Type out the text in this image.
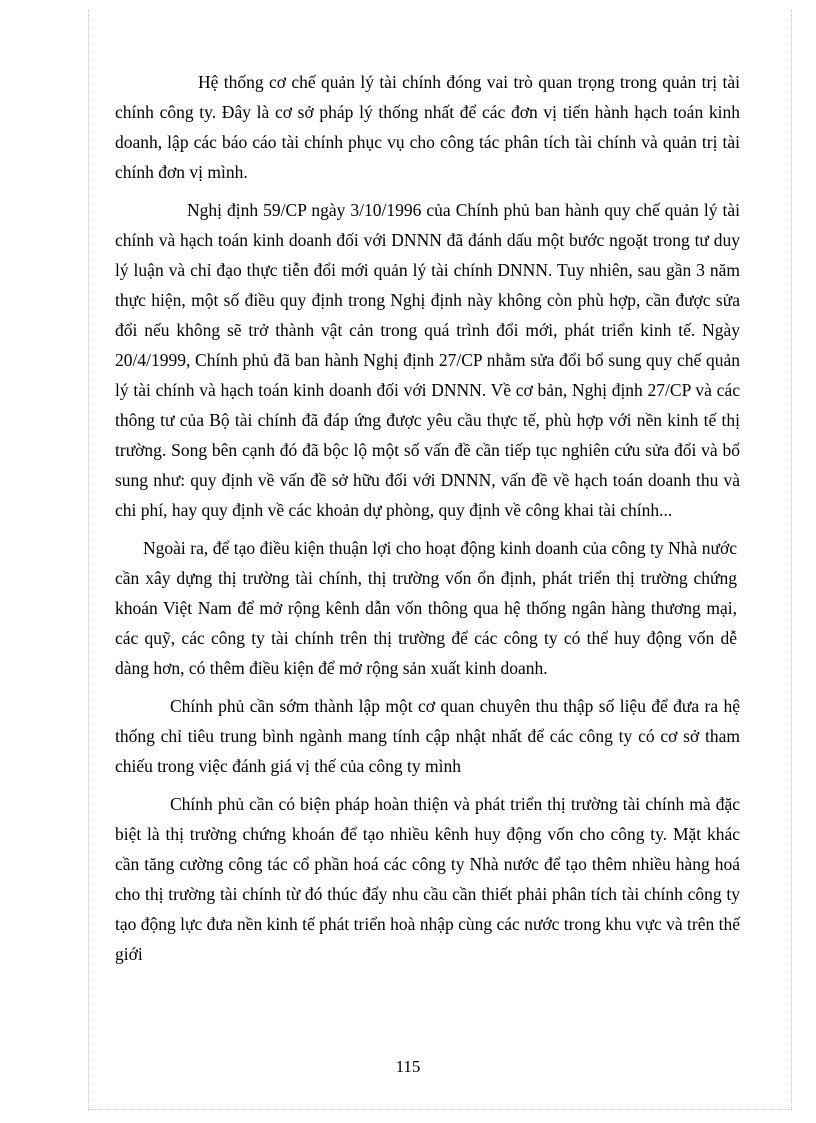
Hệ thống cơ chế quản lý tài chính đóng vai trò quan trọng trong quản trị tài chính công ty. Đây là cơ sở pháp lý thống nhất để các đơn vị tiến hành hạch toán kinh doanh, lập các báo cáo tài chính phục vụ cho công tác phân tích tài chính và quản trị tài chính đơn vị mình.

Nghị định 59/CP ngày 3/10/1996 của Chính phủ ban hành quy chế quản lý tài chính và hạch toán kinh doanh đối với DNNN đã đánh dấu một bước ngoặt trong tư duy lý luận và chỉ đạo thực tiễn đổi mới quản lý tài chính DNNN. Tuy nhiên, sau gần 3 năm thực hiện, một số điều quy định trong Nghị định này không còn phù hợp, cần được sửa đổi nếu không sẽ trở thành vật cản trong quá trình đổi mới, phát triển kinh tế. Ngày 20/4/1999, Chính phủ đã ban hành Nghị định 27/CP nhằm sửa đổi bổ sung quy chế quản lý tài chính và hạch toán kinh doanh đối với DNNN. Về cơ bản, Nghị định 27/CP và các thông tư của Bộ tài chính đã đáp ứng được yêu cầu thực tế, phù hợp với nền kinh tế thị trường. Song bên cạnh đó đã bộc lộ một số vấn đề cần tiếp tục nghiên cứu sửa đổi và bổ sung như: quy định về vấn đề sở hữu đối với DNNN, vấn đề về hạch toán doanh thu và chi phí, hay quy định về các khoản dự phòng, quy định về công khai tài chính...

Ngoài ra, để tạo điều kiện thuận lợi cho hoạt động kinh doanh của công ty Nhà nước cần xây dựng thị trường tài chính, thị trường vốn ổn định, phát triển thị trường chứng khoán Việt Nam để mở rộng kênh dẫn vốn thông qua hệ thống ngân hàng thương mại, các quỹ, các công ty tài chính trên thị trường để các công ty có thể huy động vốn dễ dàng hơn, có thêm điều kiện để mở rộng sản xuất kinh doanh.

Chính phủ cần sớm thành lập một cơ quan chuyên thu thập số liệu để đưa ra hệ thống chỉ tiêu trung bình ngành mang tính cập nhật nhất để các công ty có cơ sở tham chiếu trong việc đánh giá vị thế của công ty mình

Chính phủ cần có biện pháp hoàn thiện và phát triển thị trường tài chính mà đặc biệt là thị trường chứng khoán để tạo nhiều kênh huy động vốn cho công ty. Mặt khác cần tăng cường công tác cổ phần hoá các công ty Nhà nước để tạo thêm nhiều hàng hoá cho thị trường tài chính từ đó thúc đẩy nhu cầu cần thiết phải phân tích tài chính công ty tạo động lực đưa nền kinh tế phát triển hoà nhập cùng các nước trong khu vực và trên thế giới

115
